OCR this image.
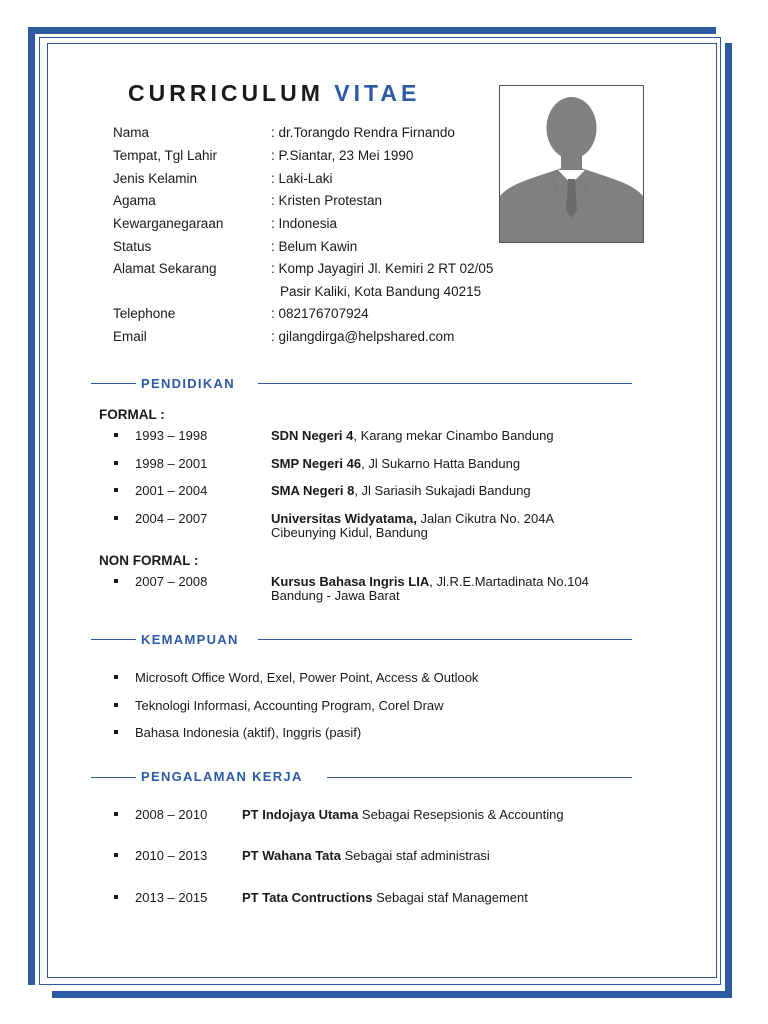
CURRICULUM VITAE
Nama	: dr.Torangdo Rendra Firnando
Tempat, Tgl Lahir	: P.Siantar, 23 Mei 1990
Jenis Kelamin	: Laki-Laki
Agama	: Kristen Protestan
Kewarganegaraan	: Indonesia
Status	: Belum Kawin
Alamat Sekarang	: Komp Jayagiri Jl. Kemiri 2 RT 02/05
Pasir Kaliki, Kota Bandung 40215
Telephone	: 082176707924
Email	: gilangdirga@helpshared.com
PENDIDIKAN
FORMAL :
1993 – 1998	SDN Negeri 4, Karang mekar Cinambo Bandung
1998 – 2001	SMP Negeri 46, Jl Sukarno Hatta Bandung
2001 – 2004	SMA Negeri 8, Jl Sariasih Sukajadi Bandung
2004 – 2007	Universitas Widyatama, Jalan Cikutra No. 204A
Cibeunying Kidul, Bandung
NON FORMAL :
2007 – 2008	Kursus Bahasa Ingris LIA, Jl.R.E.Martadinata No.104
Bandung - Jawa Barat
KEMAMPUAN
Microsoft Office Word, Exel, Power Point, Access & Outlook
Teknologi Informasi, Accounting Program, Corel Draw
Bahasa Indonesia (aktif), Inggris (pasif)
PENGALAMAN KERJA
2008 – 2010	PT Indojaya Utama Sebagai Resepsionis & Accounting
2010 – 2013	PT Wahana Tata Sebagai staf administrasi
2013 – 2015	PT Tata Contructions Sebagai staf Management
